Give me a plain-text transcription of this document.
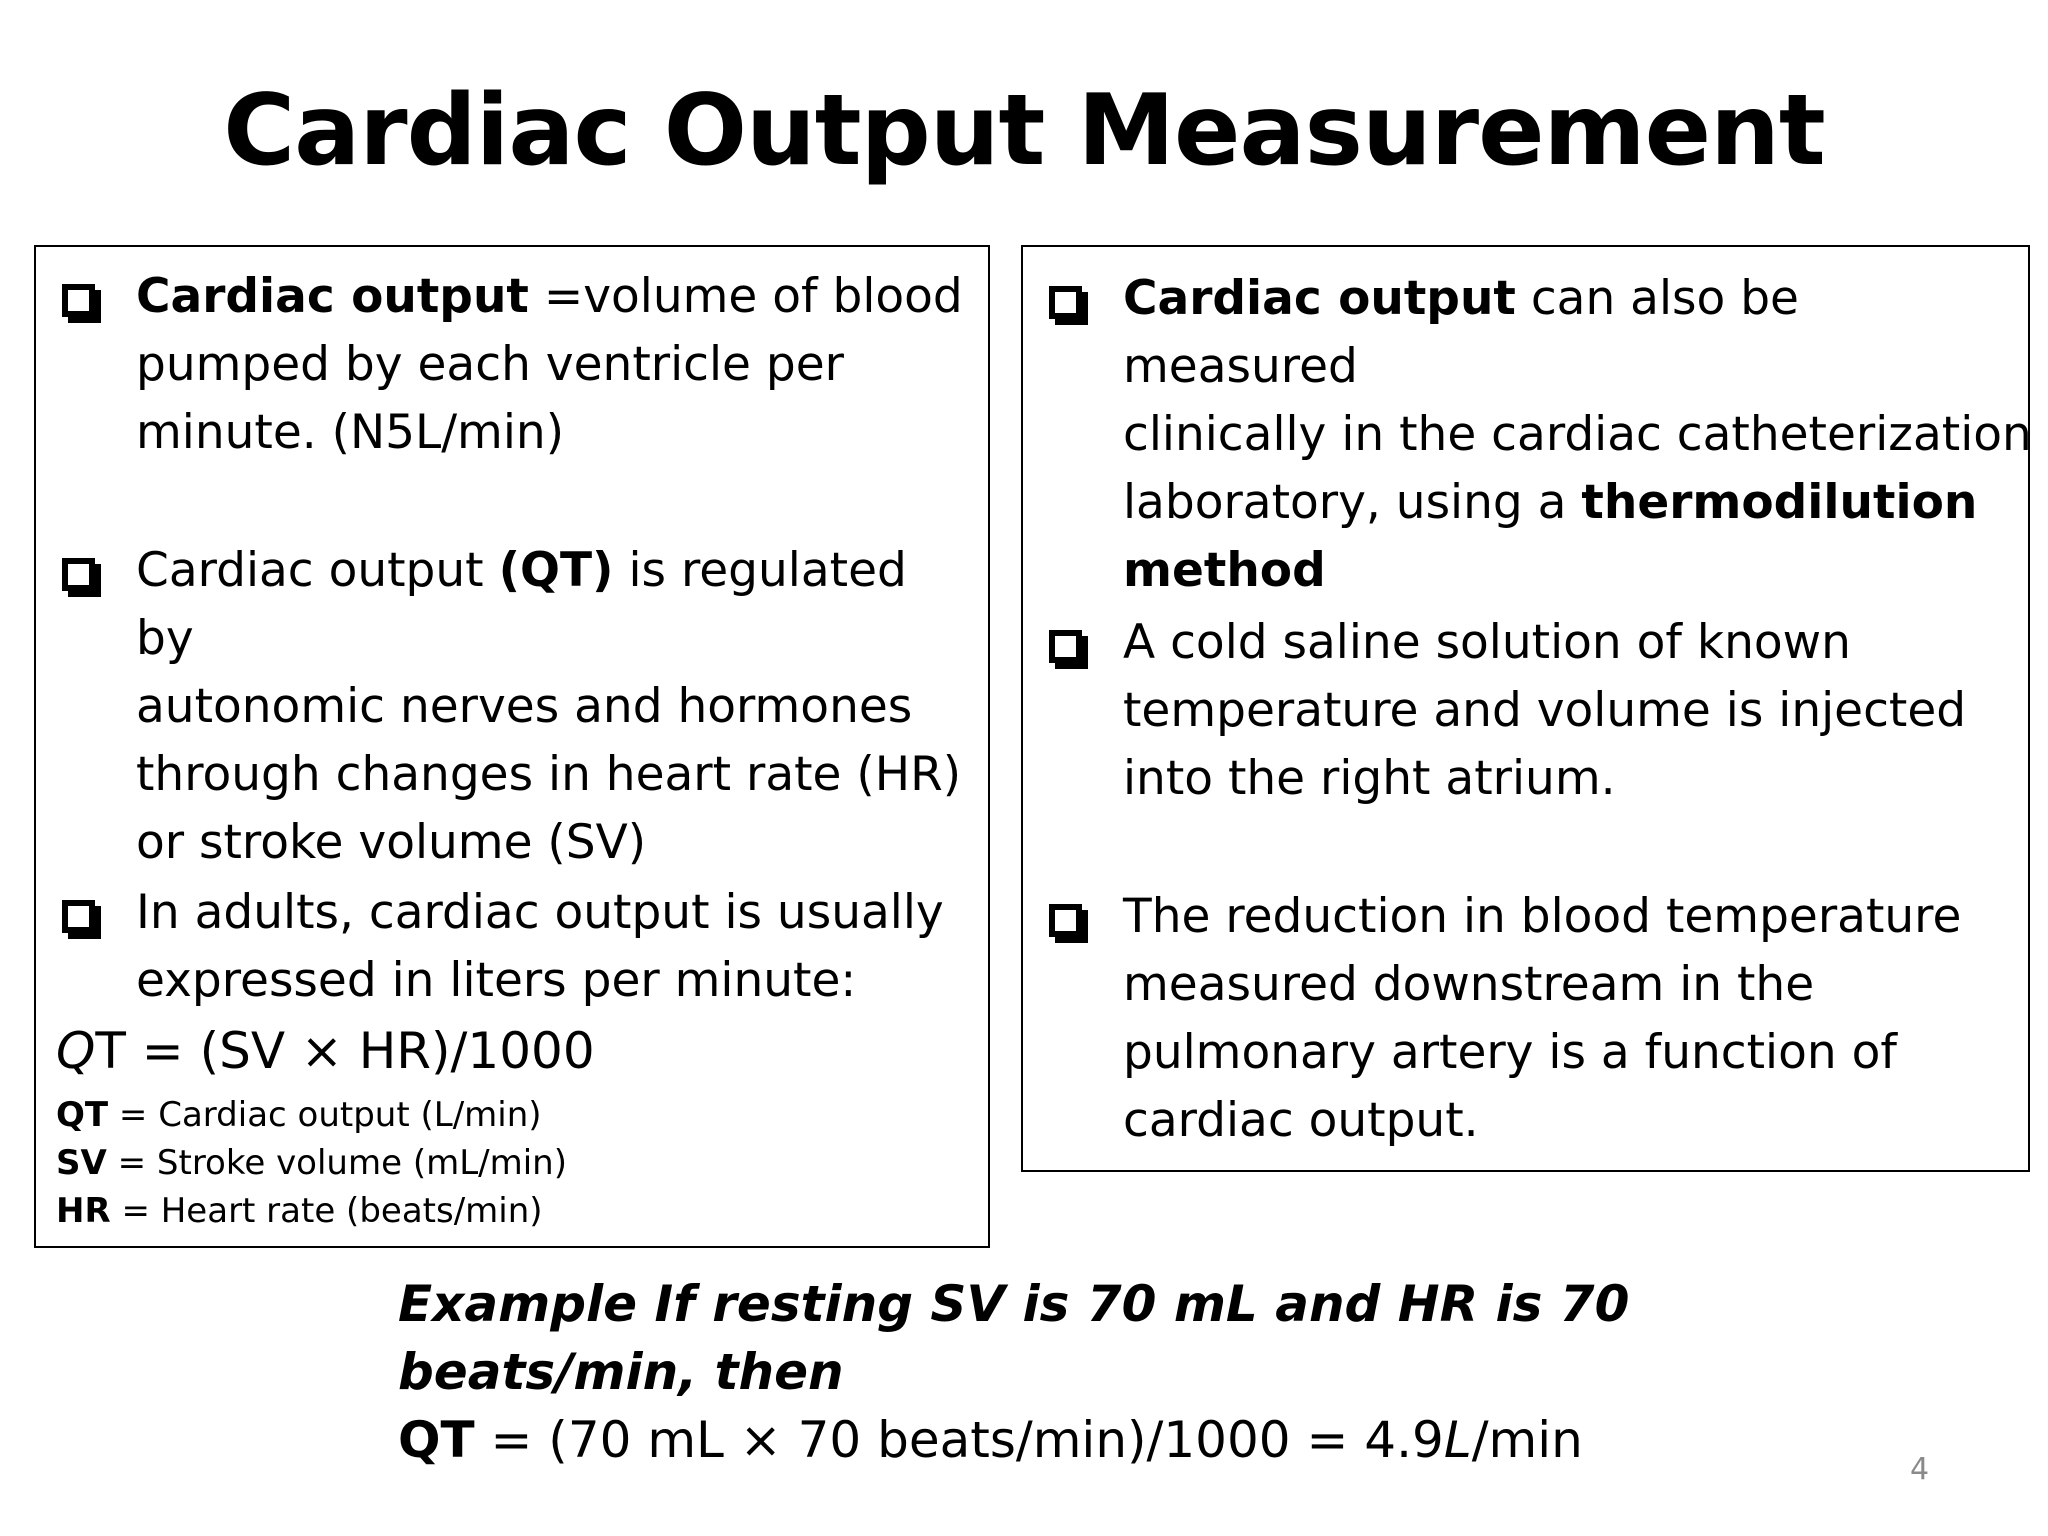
Cardiac Output Measurement
Cardiac output =volume of blood
pumped by each ventricle per
minute. (N5L/min)
Cardiac output (QT) is regulated by
autonomic nerves and hormones
through changes in heart rate (HR)
or stroke volume (SV)
In adults, cardiac output is usually
expressed in liters per minute:
QT = (SV × HR)/1000
QT = Cardiac output (L/min)
SV = Stroke volume (mL/min)
HR = Heart rate (beats/min)
Cardiac output can also be measured
clinically in the cardiac catheterization
laboratory, using a thermodilution
method
A cold saline solution of known
temperature and volume is injected
into the right atrium.
The reduction in blood temperature
measured downstream in the
pulmonary artery is a function of
cardiac output.
Example If resting SV is 70 mL and HR is 70 beats/min, then
QT = (70 mL × 70 beats/min)/1000 = 4.9L/min
4
